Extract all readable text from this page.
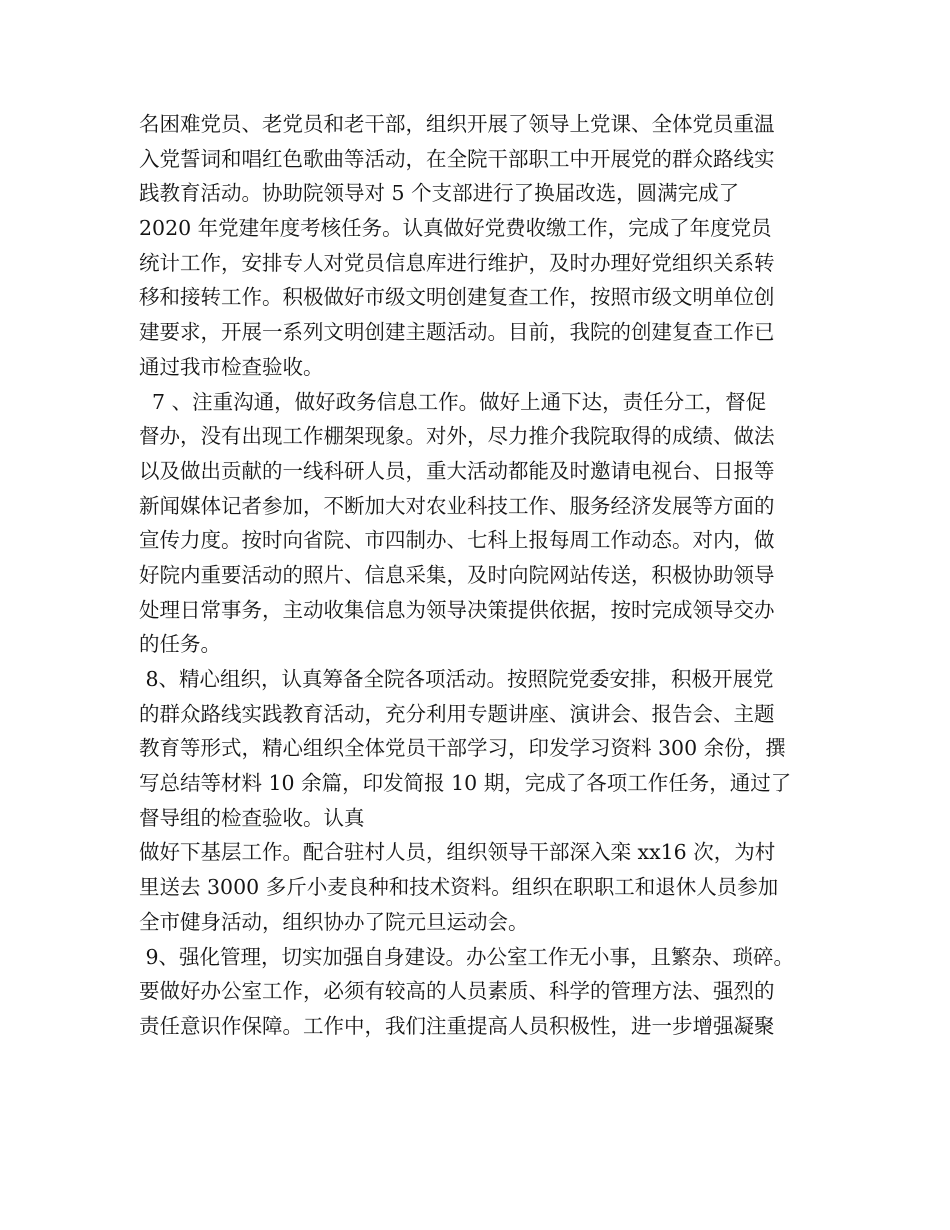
名困难党员、老党员和老干部，组织开展了领导上党课、全体党员重温
入党誓词和唱红色歌曲等活动，在全院干部职工中开展党的群众路线实
践教育活动。协助院领导对 5 个支部进行了换届改选，圆满完成了
2020 年党建年度考核任务。认真做好党费收缴工作，完成了年度党员
统计工作，安排专人对党员信息库进行维护，及时办理好党组织关系转
移和接转工作。积极做好市级文明创建复查工作，按照市级文明单位创
建要求，开展一系列文明创建主题活动。目前，我院的创建复查工作已
通过我市检查验收。
7 、注重沟通，做好政务信息工作。做好上通下达，责任分工，督促
督办，没有出现工作棚架现象。对外，尽力推介我院取得的成绩、做法
以及做出贡献的一线科研人员，重大活动都能及时邀请电视台、日报等
新闻媒体记者参加，不断加大对农业科技工作、服务经济发展等方面的
宣传力度。按时向省院、市四制办、七科上报每周工作动态。对内，做
好院内重要活动的照片、信息采集，及时向院网站传送，积极协助领导
处理日常事务，主动收集信息为领导决策提供依据，按时完成领导交办
的任务。
8、精心组织，认真筹备全院各项活动。按照院党委安排，积极开展党
的群众路线实践教育活动，充分利用专题讲座、演讲会、报告会、主题
教育等形式，精心组织全体党员干部学习，印发学习资料 300 余份，撰
写总结等材料 10 余篇，印发简报 10 期，完成了各项工作任务，通过了
督导组的检查验收。认真
做好下基层工作。配合驻村人员，组织领导干部深入栾 xx16 次，为村
里送去 3000 多斤小麦良种和技术资料。组织在职职工和退休人员参加
全市健身活动，组织协办了院元旦运动会。
9、强化管理，切实加强自身建设。办公室工作无小事，且繁杂、琐碎。
要做好办公室工作，必须有较高的人员素质、科学的管理方法、强烈的
责任意识作保障。工作中，我们注重提高人员积极性，进一步增强凝聚
